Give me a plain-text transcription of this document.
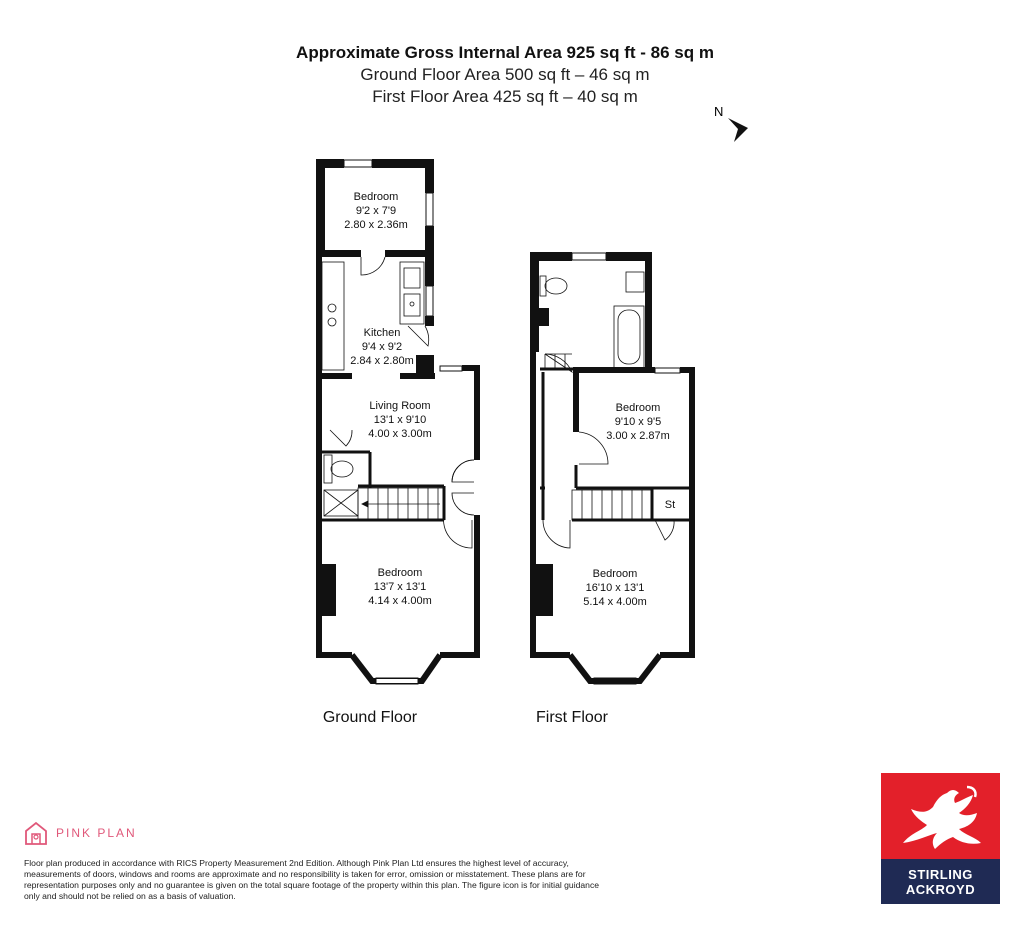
Approximate Gross Internal Area 925 sq ft - 86 sq m
Ground Floor Area 500 sq ft – 46 sq m
First Floor Area 425 sq ft – 40 sq m
N
Bedroom
9'2 x 7'9
2.80 x 2.36m
Kitchen
9'4 x 9'2
2.84 x 2.80m
Living Room
13'1 x 9'10
4.00 x 3.00m
Bedroom
13'7 x 13'1
4.14 x 4.00m
Ground Floor
Bedroom
9'10 x 9'5
3.00 x 2.87m
St
Bedroom
16'10 x 13'1
5.14 x 4.00m
First Floor
PINK PLAN
Floor plan produced in accordance with RICS Property Measurement 2nd Edition. Although Pink Plan Ltd ensures the highest level of accuracy, measurements of doors, windows and rooms are approximate and no responsibility is taken for error, omission or misstatement. These plans are for representation purposes only and no guarantee is given on the total square footage of the property within this plan. The figure icon is for initial guidance only and should not be relied on as a basis of valuation.
STIRLING
ACKROYD
